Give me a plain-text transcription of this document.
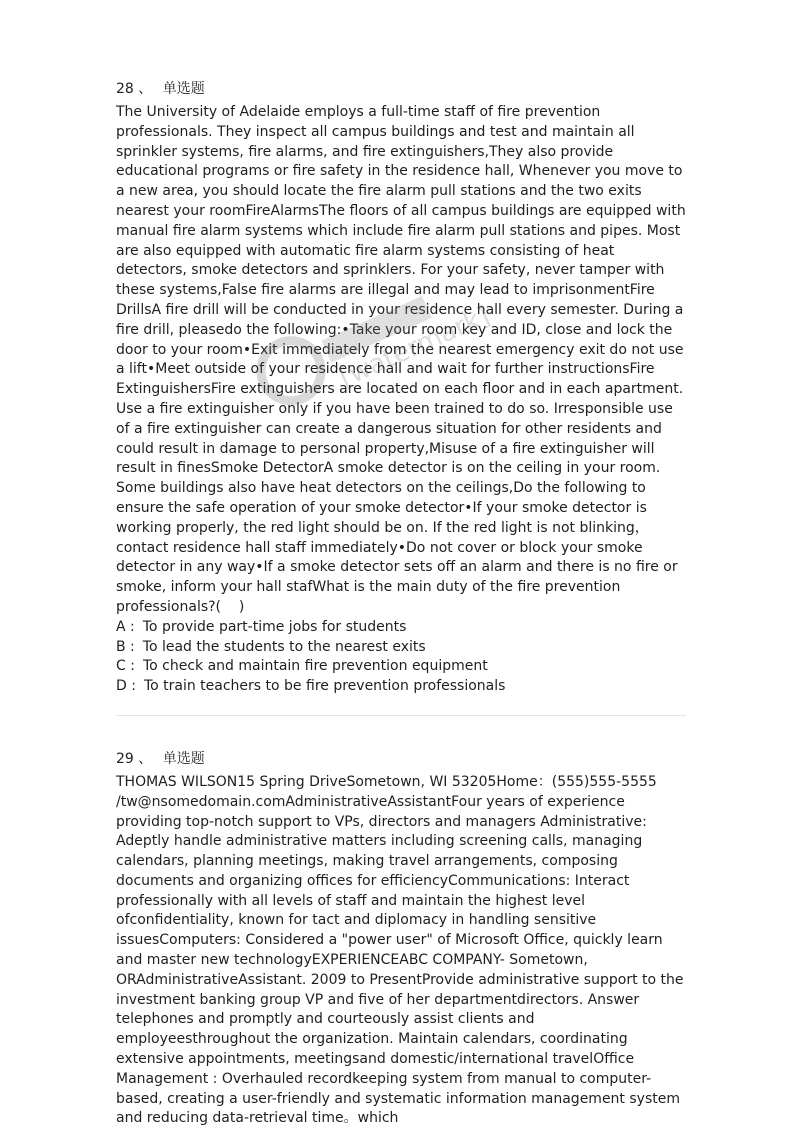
28 、 单选题

The University of Adelaide employs a full-time staff of fire prevention professionals. They inspect all campus buildings and test and maintain all sprinkler systems, fire alarms, and fire extinguishers,They also provide educational programs or fire safety in the residence hall, Whenever you move to a new area, you should locate the fire alarm pull stations and the two exits nearest your roomFireAlarmsThe floors of all campus buildings are equipped with manual fire alarm systems which include fire alarm pull stations and pipes. Most are also equipped with automatic fire alarm systems consisting of heat detectors, smoke detectors and sprinklers. For your safety, never tamper with these systems,False fire alarms are illegal and may lead to imprisonmentFire DrillsA fire drill will be conducted in your residence hall every semester. During a fire drill, pleasedo the following:•Take your room key and ID, close and lock the door to your room•Exit immediately from the nearest emergency exit do not use a lift•Meet outside of your residence hall and wait for further instructionsFire ExtinguishersFire extinguishers are located on each floor and in each apartment. Use a fire extinguisher only if you have been trained to do so. Irresponsible use of a fire extinguisher can create a dangerous situation for other residents and could result in damage to personal property,Misuse of a fire extinguisher will result in finesSmoke DetectorA smoke detector is on the ceiling in your room. Some buildings also have heat detectors on the ceilings,Do the following to ensure the safe operation of your smoke detector•If your smoke detector is working properly, the red light should be on. If the red light is not blinking，contact residence hall staff immediately•Do not cover or block your smoke detector in any way•If a smoke detector sets off an alarm and there is no fire or smoke, inform your hall stafWhat is the main duty of the fire prevention professionals?(    )

A : To provide part-time jobs for students
B : To lead the students to the nearest exits
C : To check and maintain fire prevention equipment
D : To train teachers to be fire prevention professionals
29 、 单选题

THOMAS WILSON15 Spring DriveSometown, WI 53205Home：(555)555-5555 /tw@nsomedomain.comAdministrativeAssistantFour years of experience providing top-notch support to VPs, directors and managers Administrative: Adeptly handle administrative matters including screening calls, managing calendars, planning meetings, making travel arrangements, composing documents and organizing offices for efficiencyCommunications: Interact professionally with all levels of staff and maintain the highest level ofconfidentiality, known for tact and diplomacy in handling sensitive issuesComputers: Considered a "power user" of Microsoft Office, quickly learn and master new technologyEXPERIENCEABC COMPANY- Sometown, ORAdministrativeAssistant. 2009 to PresentProvide administrative support to the investment banking group VP and five of her departmentdirectors. Answer telephones and promptly and courteously assist clients and employeesthroughout the organization. Maintain calendars, coordinating extensive appointments, meetingsand domestic/international travelOffice Management : Overhauled recordkeeping system from manual to computer-based, creating a user-friendly and systematic information management system and reducing data-retrieval time。which

[watermark]
